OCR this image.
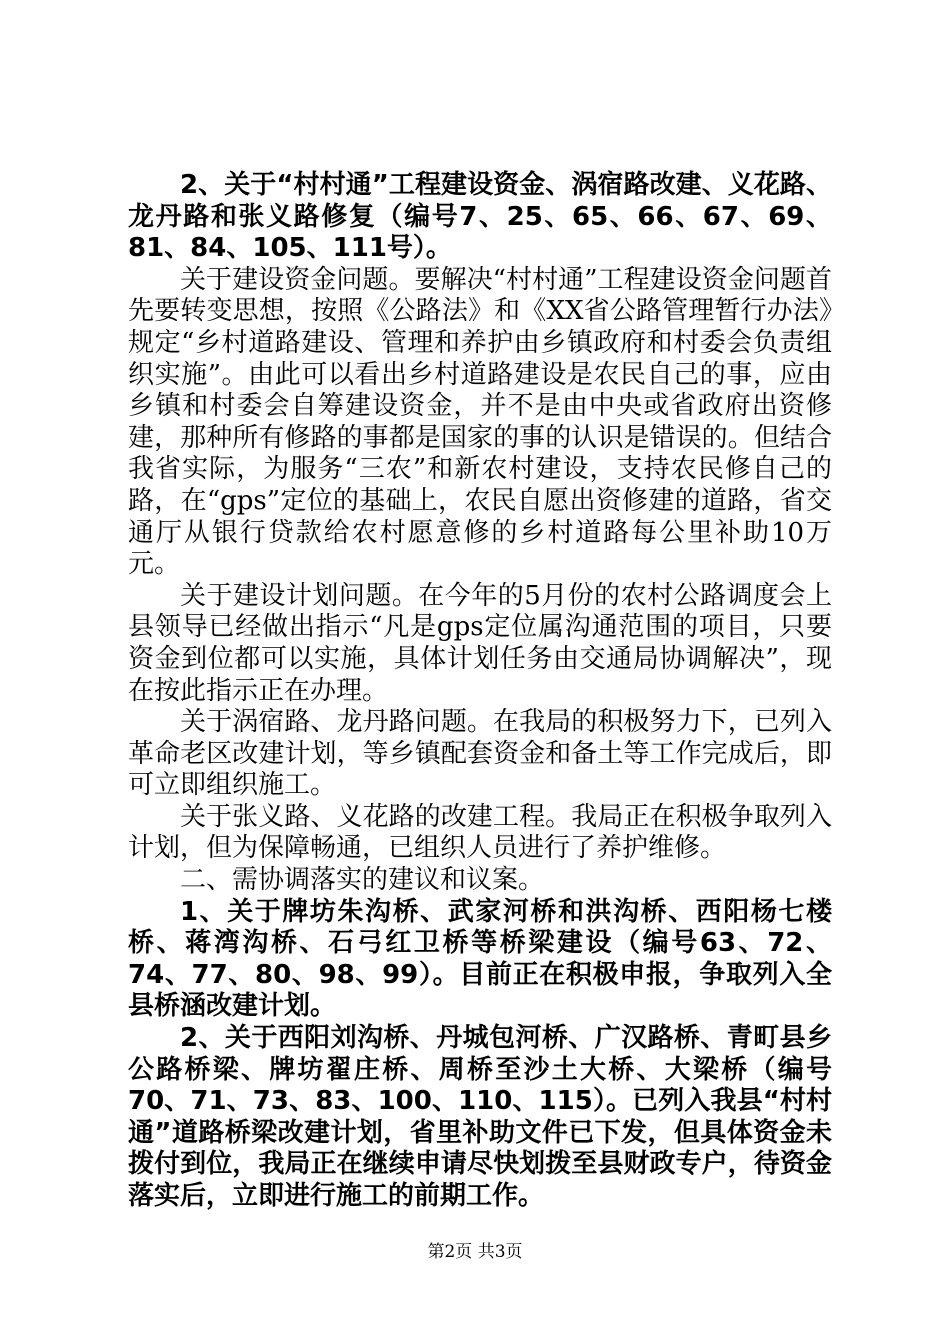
2、关于“村村通”工程建设资金、涡宿路改建、义花路、龙丹路和张义路修复（编号7、25、65、66、67、69、81、84、105、111号）。

关于建设资金问题。要解决“村村通”工程建设资金问题首先要转变思想，按照《公路法》和《XX省公路管理暂行办法》规定“乡村道路建设、管理和养护由乡镇政府和村委会负责组织实施”。由此可以看出乡村道路建设是农民自己的事，应由乡镇和村委会自筹建设资金，并不是由中央或省政府出资修建，那种所有修路的事都是国家的事的认识是错误的。但结合我省实际，为服务“三农”和新农村建设，支持农民修自己的路，在“gps”定位的基础上，农民自愿出资修建的道路，省交通厅从银行贷款给农村愿意修的乡村道路每公里补助10万元。

关于建设计划问题。在今年的5月份的农村公路调度会上县领导已经做出指示“凡是gps定位属沟通范围的项目，只要资金到位都可以实施，具体计划任务由交通局协调解决”，现在按此指示正在办理。

关于涡宿路、龙丹路问题。在我局的积极努力下，已列入革命老区改建计划，等乡镇配套资金和备土等工作完成后，即可立即组织施工。

关于张义路、义花路的改建工程。我局正在积极争取列入计划，但为保障畅通，已组织人员进行了养护维修。

二、需协调落实的建议和议案。

1、关于牌坊朱沟桥、武家河桥和洪沟桥、西阳杨七楼桥、蒋湾沟桥、石弓红卫桥等桥梁建设（编号63、72、74、77、80、98、99）。目前正在积极申报，争取列入全县桥涵改建计划。

2、关于西阳刘沟桥、丹城包河桥、广汉路桥、青町县乡公路桥梁、牌坊翟庄桥、周桥至沙土大桥、大梁桥（编号70、71、73、83、100、110、115）。已列入我县“村村通”道路桥梁改建计划，省里补助文件已下发，但具体资金未拨付到位，我局正在继续申请尽快划拨至县财政专户，待资金落实后，立即进行施工的前期工作。

第2页 共3页
